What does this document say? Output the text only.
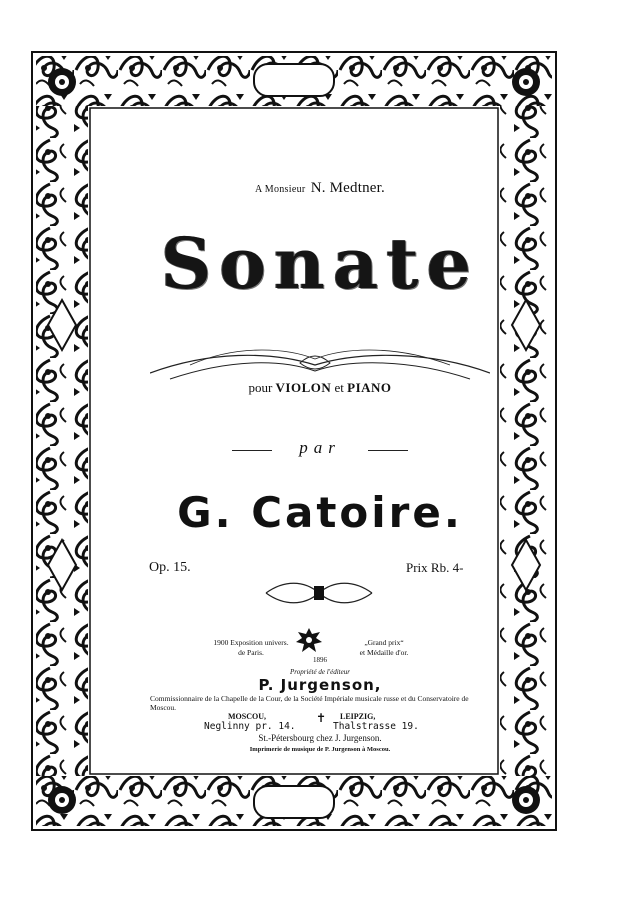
A Monsieur N. Medtner.
Sonate
pour VIOLON et PIANO
par
G. Catoire.
Op. 15.	Prix Rb. 4-
1900 Exposition univers.
de Paris.
„Grand prix“
et Médaille d'or.
1896
Propriété de l'éditeur
P. Jurgenson,
Commissionnaire de la Chapelle de la Cour, de la Société Impériale musicale russe et du Conservatoire de Moscou.
MOSCOU,
Neglinny pr. 14.
✝ LEIPZIG,
Thalstrasse 19.
St.-Pétersbourg chez J. Jurgenson.
Imprimerie de musique de P. Jurgenson à Moscou.
